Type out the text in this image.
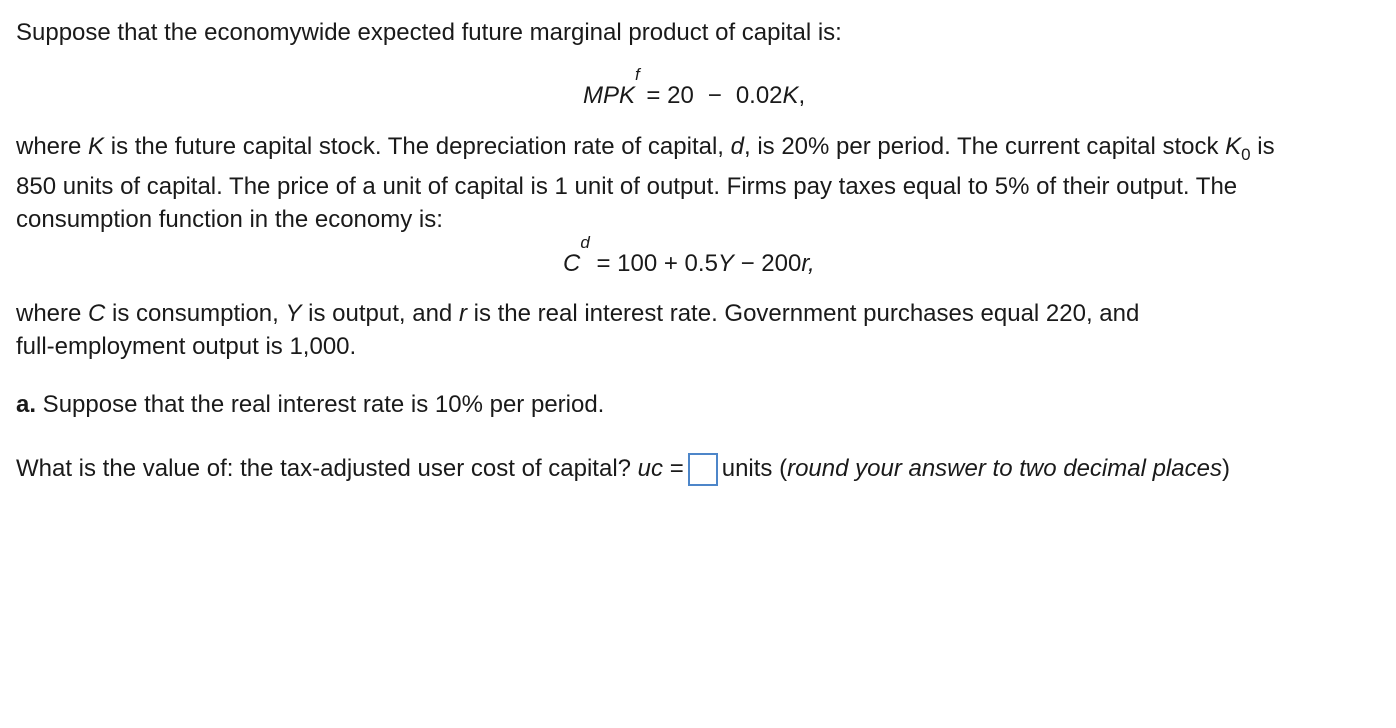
Suppose that the economywide expected future marginal product of capital is:
$MPK^f = 20 - 0.02K$,
where K is the future capital stock. The depreciation rate of capital, d, is 20% per period. The current capital stock $K_0$ is
850 units of capital. The price of a unit of capital is 1 unit of output. Firms pay taxes equal to 5% of their output. The
consumption function in the economy is:
$C^d = 100 + 0.5Y - 200r$,
where C is consumption, Y is output, and r is the real interest rate. Government purchases equal 220, and
full-employment output is 1,000.
a. Suppose that the real interest rate is 10% per period.
What is the value of: the tax-adjusted user cost of capital? uc = units (round your answer to two decimal places)
